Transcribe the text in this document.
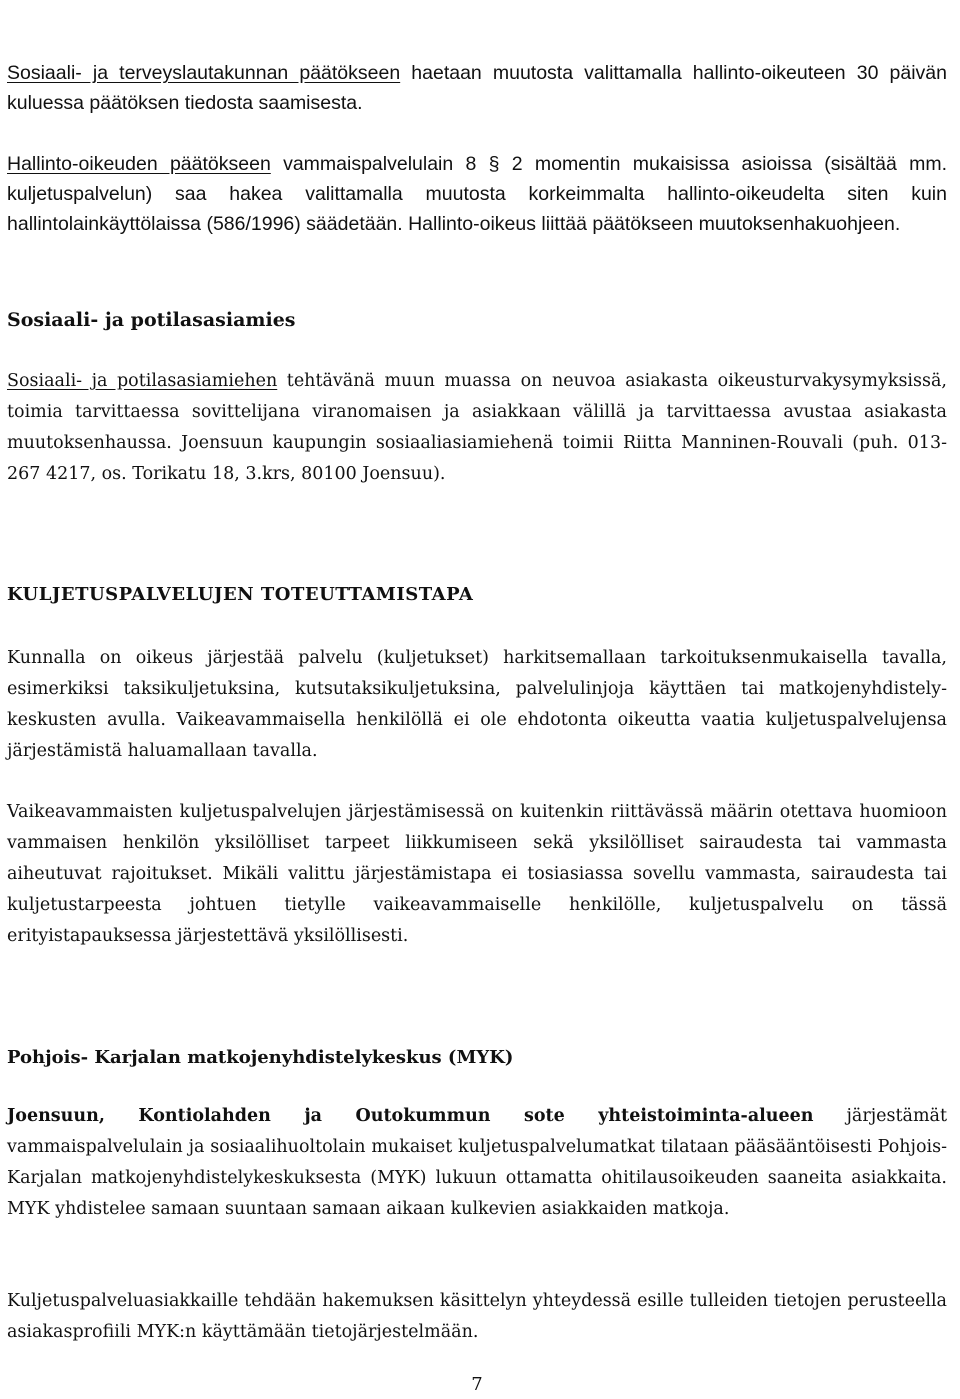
Sosiaali- ja terveyslautakunnan päätökseen haetaan muutosta valittamalla hallinto-oikeuteen 30 päivän kuluessa päätöksen tiedosta saamisesta.

Hallinto-oikeuden päätökseen vammaispalvelulain 8 § 2 momentin mukaisissa asioissa (sisältää mm. kuljetuspalvelun) saa hakea valittamalla muutosta korkeimmalta hallinto-oikeudelta siten kuin hallintolainkäyttölaissa (586/1996) säädetään. Hallinto-oikeus liittää päätökseen muutoksenhakuohjeen.

Sosiaali- ja potilasasiamies

Sosiaali- ja potilasasiamiehen tehtävänä muun muassa on neuvoa asiakasta oikeusturvakysymyksissä, toimia tarvittaessa sovittelijana viranomaisen ja asiakkaan välillä ja tarvittaessa avustaa asiakasta muutoksenhaussa. Joensuun kaupungin sosiaaliasiamiehenä toimii Riitta Manninen-Rouvali (puh. 013-267 4217, os. Torikatu 18, 3.krs, 80100 Joensuu).

KULJETUSPALVELUJEN TOTEUTTAMISTAPA

Kunnalla on oikeus järjestää palvelu (kuljetukset) harkitsemallaan tarkoituksenmukaisella tavalla, esimerkiksi taksikuljetuksina, kutsutaksikuljetuksina, palvelulinjoja käyttäen tai matkojenyhdistely-keskusten avulla. Vaikeavammaisella henkilöllä ei ole ehdotonta oikeutta vaatia kuljetuspalvelujensa järjestämistä haluamallaan tavalla.

Vaikeavammaisten kuljetuspalvelujen järjestämisessä on kuitenkin riittävässä määrin otettava huomioon vammaisen henkilön yksilölliset tarpeet liikkumiseen sekä yksilölliset sairaudesta tai vammasta aiheutuvat rajoitukset. Mikäli valittu järjestämistapa ei tosiasiassa sovellu vammasta, sairaudesta tai kuljetustarpeesta johtuen tietylle vaikeavammaiselle henkilölle, kuljetuspalvelu on tässä erityistapauksessa järjestettävä yksilöllisesti.

Pohjois- Karjalan matkojenyhdistelykeskus (MYK)

Joensuun, Kontiolahden ja Outokummun sote yhteistoiminta-alueen järjestämät vammaispalvelulain ja sosiaalihuoltolain mukaiset kuljetuspalvelumatkat tilataan pääsääntöisesti Pohjois-Karjalan matkojenyhdistelykeskuksesta (MYK) lukuun ottamatta ohitilausoikeuden saaneita asiakkaita. MYK yhdistelee samaan suuntaan samaan aikaan kulkevien asiakkaiden matkoja.

Kuljetuspalveluasiakkaille tehdään hakemuksen käsittelyn yhteydessä esille tulleiden tietojen perusteella asiakasprofiili MYK:n käyttämään tietojärjestelmään.

7
